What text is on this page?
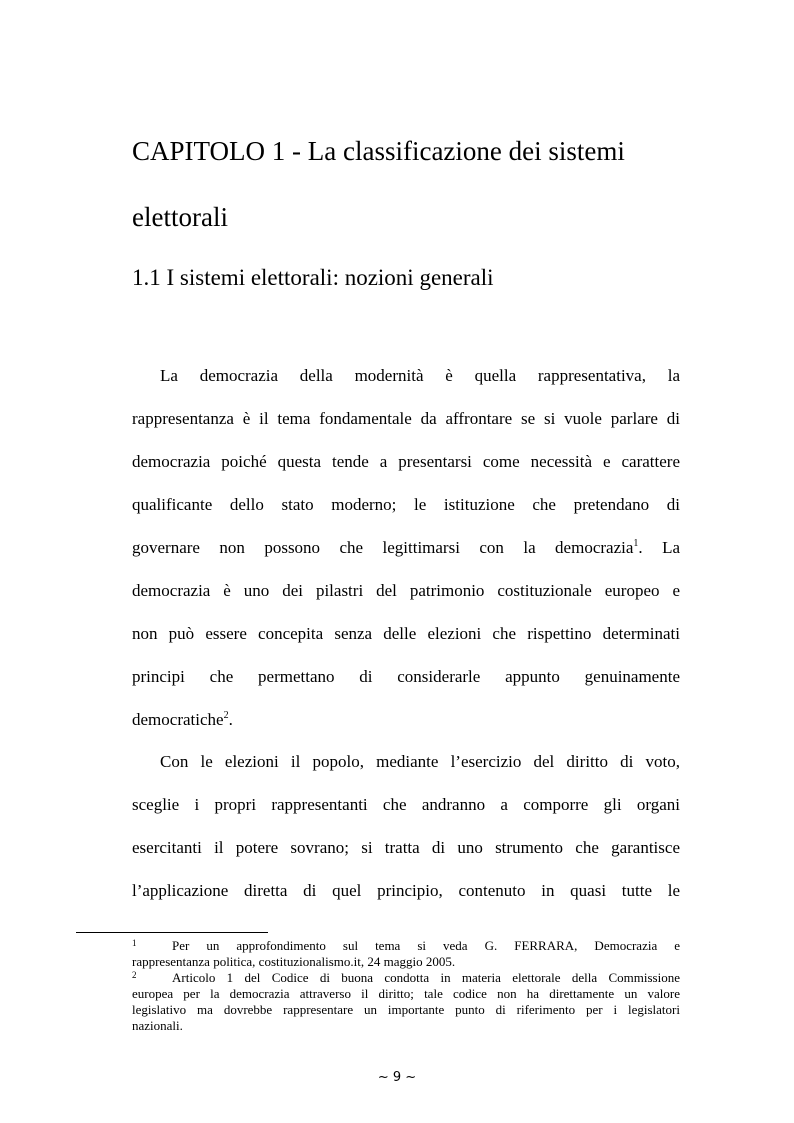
CAPITOLO 1 - La classificazione dei sistemi
elettorali
1.1 I sistemi elettorali: nozioni generali
La democrazia della modernità è quella rappresentativa, la
rappresentanza è il tema fondamentale da affrontare se si vuole parlare di
democrazia poiché questa tende a presentarsi come necessità e carattere
qualificante dello stato moderno; le istituzione che pretendano di
governare non possono che legittimarsi con la democrazia$^1$. La
democrazia è uno dei pilastri del patrimonio costituzionale europeo e
non può essere concepita senza delle elezioni che rispettino determinati
principi che permettano di considerarle appunto genuinamente
democratiche$^2$.
Con le elezioni il popolo, mediante l’esercizio del diritto di voto,
sceglie i propri rappresentanti che andranno a comporre gli organi
esercitanti il potere sovrano; si tratta di uno strumento che garantisce
l’applicazione diretta di quel principio, contenuto in quasi tutte le
1	Per un approfondimento sul tema si veda G. FERRARA, Democrazia e
rappresentanza politica, costituzionalismo.it, 24 maggio 2005.
2	Articolo 1 del Codice di buona condotta in materia elettorale della Commissione
europea per la democrazia attraverso il diritto; tale codice non ha direttamente un valore
legislativo ma dovrebbe rappresentare un importante punto di riferimento per i legislatori
nazionali.
~ 9 ~
